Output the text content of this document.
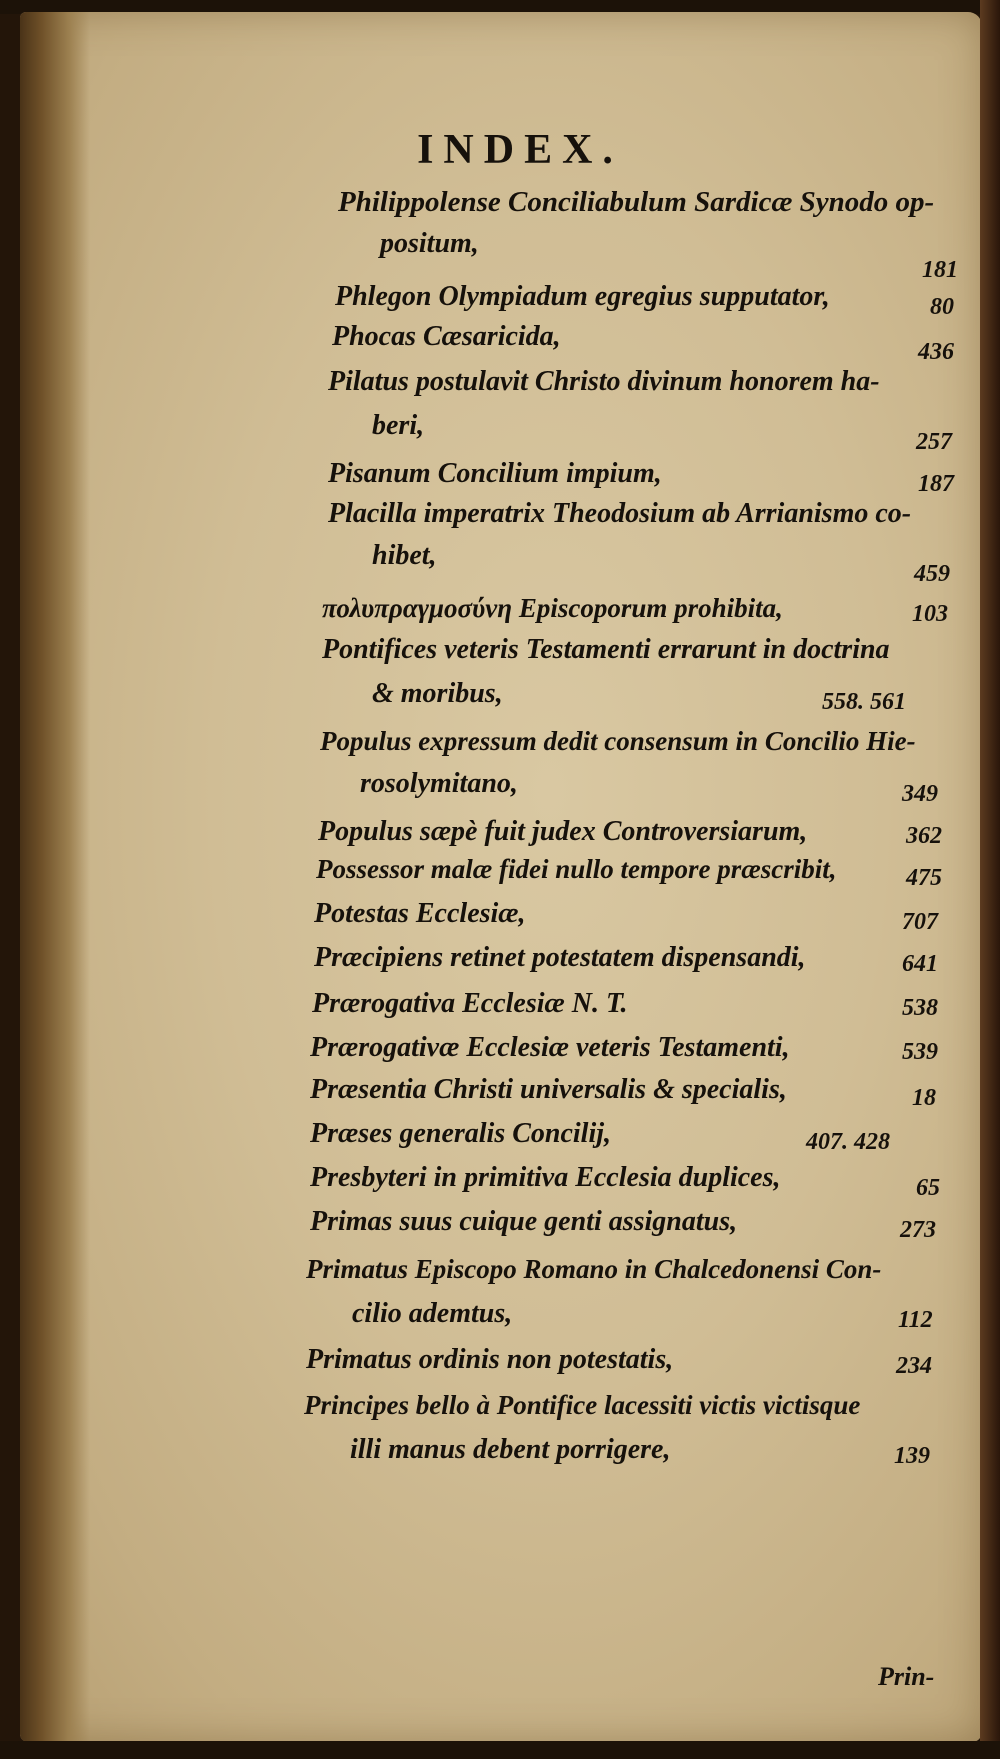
INDEX.
Philippolense Conciliabulum Sardicæ Synodo op-
positum,
181
Phlegon Olympiadum egregius supputator,	80
Phocas Cæsaricida,	436
Pilatus postulavit Christo divinum honorem ha-
beri,
257
Pisanum Concilium impium,	187
Placilla imperatrix Theodosium ab Arrianismo co-
hibet,
459
πολυπραγμοσύνη Episcoporum prohibita,	103
Pontifices veteris Testamenti errarunt in doctrina
& moribus,	558. 561
Populus expressum dedit consensum in Concilio Hie-
rosolymitano,	349
Populus sæpè fuit judex Controversiarum,	362
Possessor malæ fidei nullo tempore præscribit,	475
Potestas Ecclesiæ,	707
Præcipiens retinet potestatem dispensandi,	641
Prærogativa Ecclesiæ N. T.	538
Prærogativæ Ecclesiæ veteris Testamenti,	539
Præsentia Christi universalis & specialis,	18
Præses generalis Concilij,	407. 428
Presbyteri in primitiva Ecclesia duplices,	65
Primas suus cuique genti assignatus,	273
Primatus Episcopo Romano in Chalcedonensi Con-
cilio ademtus,	112
Primatus ordinis non potestatis,	234
Principes bello à Pontifice lacessiti victis victisque
illi manus debent porrigere,	139
Prin-
